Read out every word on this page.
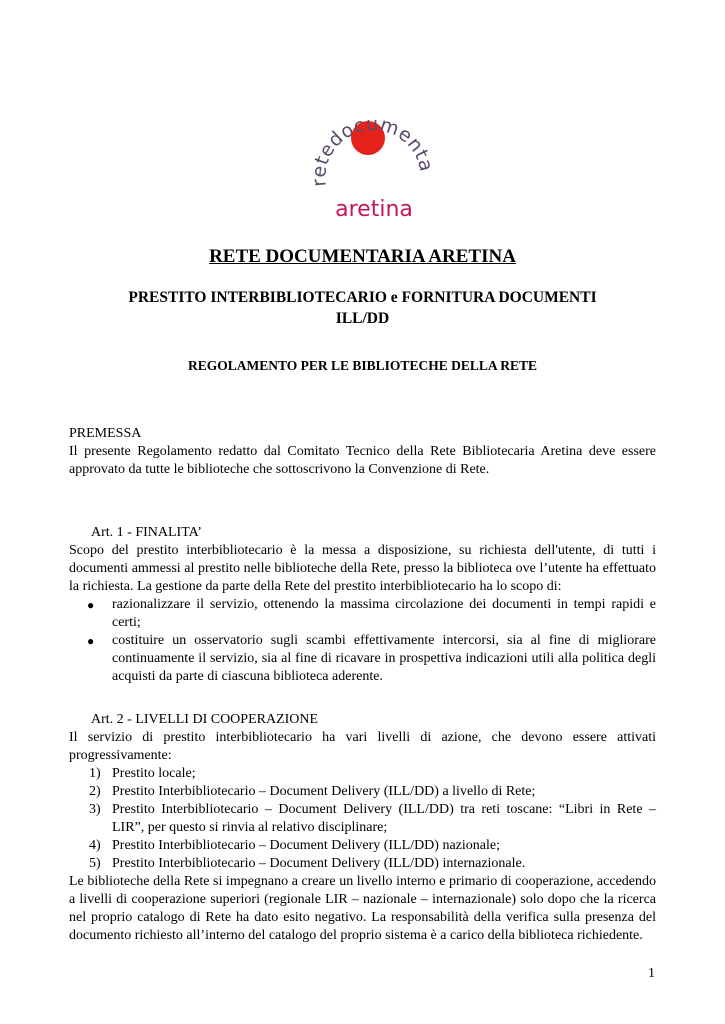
retedocumenta
aretina
RETE DOCUMENTARIA ARETINA
PRESTITO INTERBIBLIOTECARIO e FORNITURA DOCUMENTI
ILL/DD
REGOLAMENTO PER LE BIBLIOTECHE DELLA RETE
PREMESSA
Il presente Regolamento redatto dal Comitato Tecnico della Rete Bibliotecaria Aretina deve essere approvato da tutte le biblioteche che sottoscrivono la Convenzione di Rete.
Art. 1 - FINALITA’
Scopo del prestito interbibliotecario è la messa a disposizione, su richiesta dell'utente, di tutti i documenti ammessi al prestito nelle biblioteche della Rete, presso la biblioteca ove l’utente ha effettuato la richiesta. La gestione da parte della Rete del prestito interbibliotecario ha lo scopo di:
● razionalizzare il servizio, ottenendo la massima circolazione dei documenti in tempi rapidi e certi;
● costituire un osservatorio sugli scambi effettivamente intercorsi, sia al fine di migliorare continuamente il servizio, sia al fine di ricavare in prospettiva indicazioni utili alla politica degli acquisti da parte di ciascuna biblioteca aderente.
Art. 2 - LIVELLI DI COOPERAZIONE
Il servizio di prestito interbibliotecario ha vari livelli di azione, che devono essere attivati progressivamente:
1) Prestito locale;
2) Prestito Interbibliotecario – Document Delivery (ILL/DD) a livello di Rete;
3) Prestito Interbibliotecario – Document Delivery (ILL/DD) tra reti toscane: “Libri in Rete – LIR”, per questo si rinvia al relativo disciplinare;
4) Prestito Interbibliotecario – Document Delivery (ILL/DD) nazionale;
5) Prestito Interbibliotecario – Document Delivery (ILL/DD) internazionale.
Le biblioteche della Rete si impegnano a creare un livello interno e primario di cooperazione, accedendo a livelli di cooperazione superiori (regionale LIR – nazionale – internazionale) solo dopo che la ricerca nel proprio catalogo di Rete ha dato esito negativo. La responsabilità della verifica sulla presenza del documento richiesto all’interno del catalogo del proprio sistema è a carico della biblioteca richiedente.
1
